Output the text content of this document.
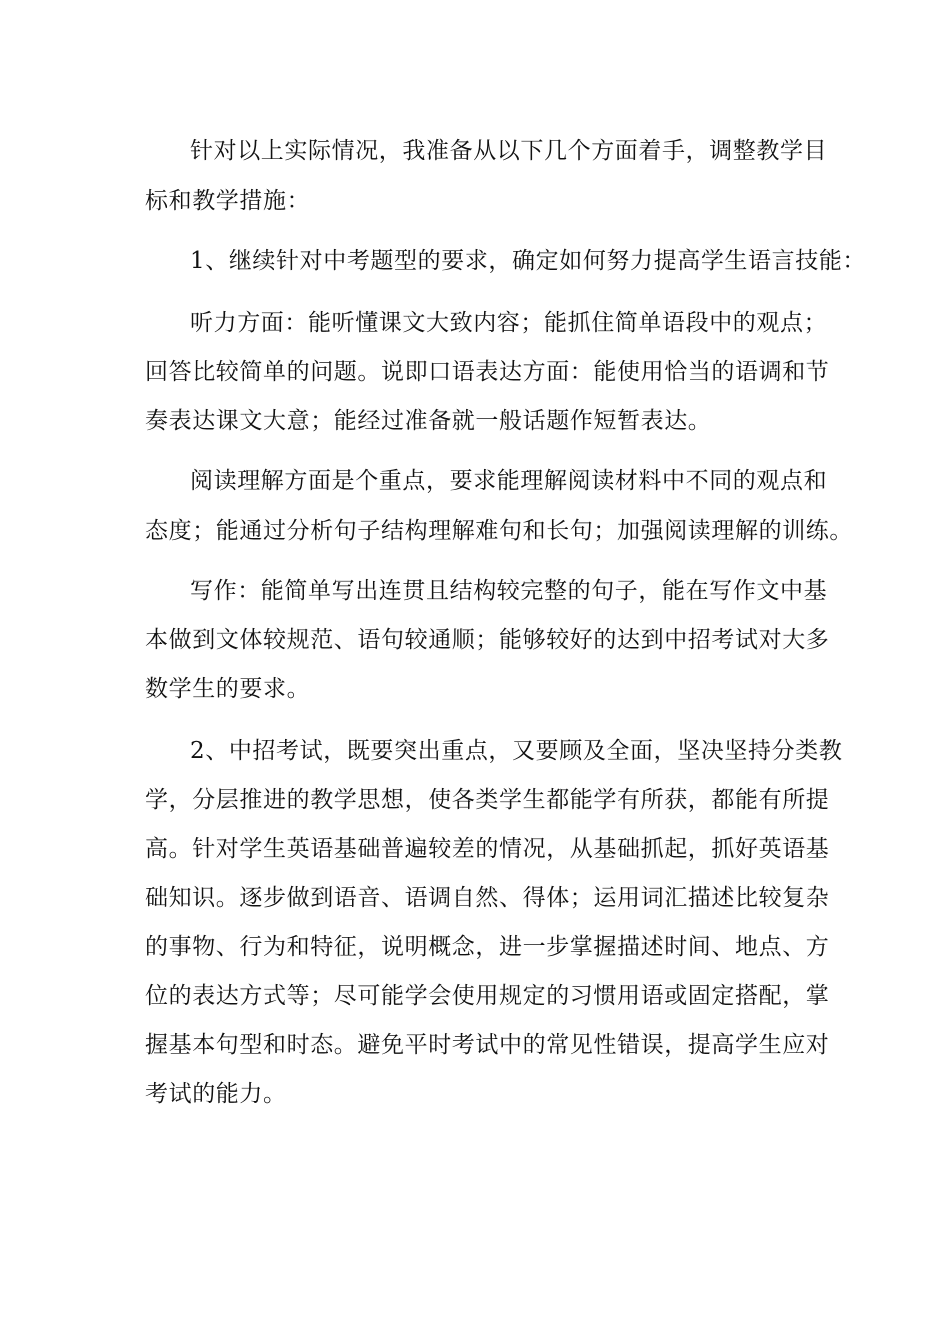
针对以上实际情况，我准备从以下几个方面着手，调整教学目
标和教学措施：
1、继续针对中考题型的要求，确定如何努力提高学生语言技能：
听力方面：能听懂课文大致内容；能抓住简单语段中的观点；
回答比较简单的问题。说即口语表达方面：能使用恰当的语调和节
奏表达课文大意；能经过准备就一般话题作短暂表达。
阅读理解方面是个重点，要求能理解阅读材料中不同的观点和
态度；能通过分析句子结构理解难句和长句；加强阅读理解的训练。
写作：能简单写出连贯且结构较完整的句子，能在写作文中基
本做到文体较规范、语句较通顺；能够较好的达到中招考试对大多
数学生的要求。
2、中招考试，既要突出重点，又要顾及全面，坚决坚持分类教
学，分层推进的教学思想，使各类学生都能学有所获，都能有所提
高。针对学生英语基础普遍较差的情况，从基础抓起，抓好英语基
础知识。逐步做到语音、语调自然、得体；运用词汇描述比较复杂
的事物、行为和特征，说明概念，进一步掌握描述时间、地点、方
位的表达方式等；尽可能学会使用规定的习惯用语或固定搭配，掌
握基本句型和时态。避免平时考试中的常见性错误，提高学生应对
考试的能力。
